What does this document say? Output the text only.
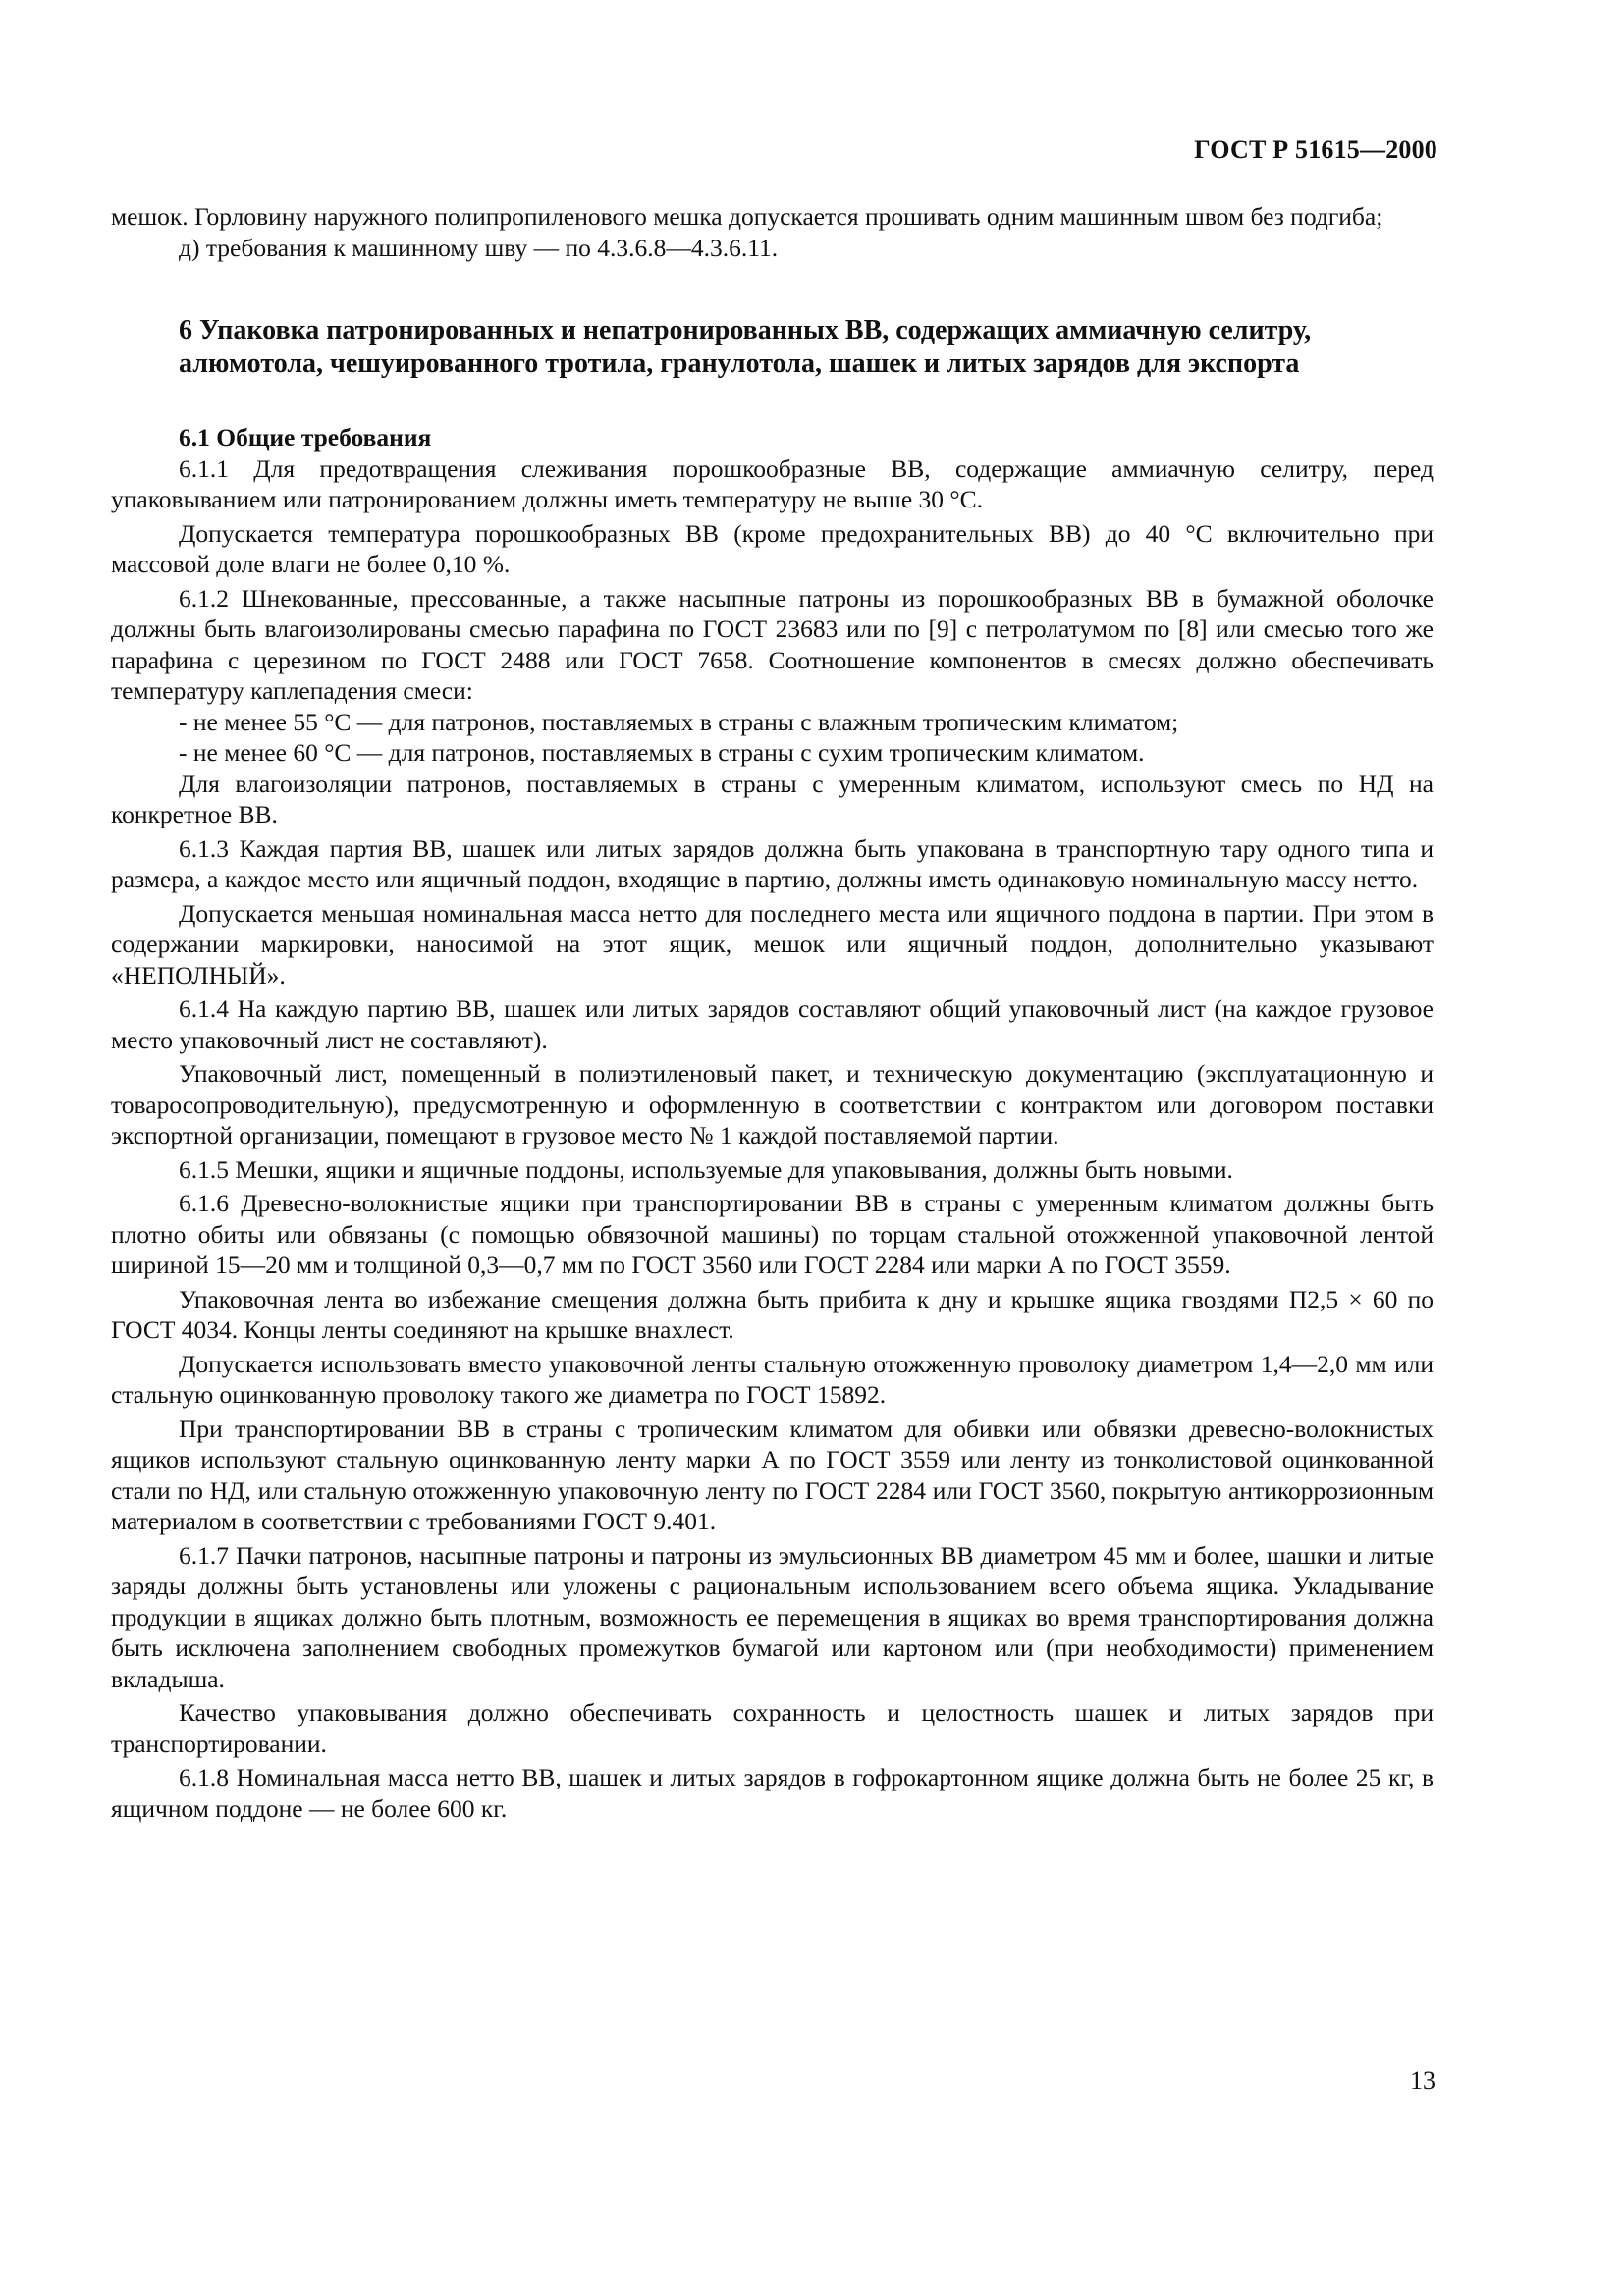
ГОСТ Р 51615—2000

мешок. Горловину наружного полипропиленового мешка допускается прошивать одним машинным швом без подгиба;

д) требования к машинному шву — по 4.3.6.8—4.3.6.11.

6 Упаковка патронированных и непатронированных ВВ, содержащих аммиачную селитру, алюмотола, чешуированного тротила, гранулотола, шашек и литых зарядов для экспорта
6.1 Общие требования

6.1.1 Для предотвращения слеживания порошкообразные ВВ, содержащие аммиачную селитру, перед упаковыванием или патронированием должны иметь температуру не выше 30 °С.

Допускается температура порошкообразных ВВ (кроме предохранительных ВВ) до 40 °С включительно при массовой доле влаги не более 0,10 %.

6.1.2 Шнекованные, прессованные, а также насыпные патроны из порошкообразных ВВ в бумажной оболочке должны быть влагоизолированы смесью парафина по ГОСТ 23683 или по [9] с петролатумом по [8] или смесью того же парафина с церезином по ГОСТ 2488 или ГОСТ 7658. Соотношение компонентов в смесях должно обеспечивать температуру каплепадения смеси:

- не менее 55 °С — для патронов, поставляемых в страны с влажным тропическим климатом;

- не менее 60 °С — для патронов, поставляемых в страны с сухим тропическим климатом.

Для влагоизоляции патронов, поставляемых в страны с умеренным климатом, используют смесь по НД на конкретное ВВ.

6.1.3 Каждая партия ВВ, шашек или литых зарядов должна быть упакована в транспортную тару одного типа и размера, а каждое место или ящичный поддон, входящие в партию, должны иметь одинаковую номинальную массу нетто.

Допускается меньшая номинальная масса нетто для последнего места или ящичного поддона в партии. При этом в содержании маркировки, наносимой на этот ящик, мешок или ящичный поддон, дополнительно указывают «НЕПОЛНЫЙ».

6.1.4 На каждую партию ВВ, шашек или литых зарядов составляют общий упаковочный лист (на каждое грузовое место упаковочный лист не составляют).

Упаковочный лист, помещенный в полиэтиленовый пакет, и техническую документацию (эксплуатационную и товаросопроводительную), предусмотренную и оформленную в соответствии с контрактом или договором поставки экспортной организации, помещают в грузовое место № 1 каждой поставляемой партии.

6.1.5 Мешки, ящики и ящичные поддоны, используемые для упаковывания, должны быть новыми.

6.1.6 Древесно-волокнистые ящики при транспортировании ВВ в страны с умеренным климатом должны быть плотно обиты или обвязаны (с помощью обвязочной машины) по торцам стальной отожженной упаковочной лентой шириной 15—20 мм и толщиной 0,3—0,7 мм по ГОСТ 3560 или ГОСТ 2284 или марки А по ГОСТ 3559.

Упаковочная лента во избежание смещения должна быть прибита к дну и крышке ящика гвоздями П2,5 × 60 по ГОСТ 4034. Концы ленты соединяют на крышке внахлест.

Допускается использовать вместо упаковочной ленты стальную отожженную проволоку диаметром 1,4—2,0 мм или стальную оцинкованную проволоку такого же диаметра по ГОСТ 15892.

При транспортировании ВВ в страны с тропическим климатом для обивки или обвязки древесно-волокнистых ящиков используют стальную оцинкованную ленту марки А по ГОСТ 3559 или ленту из тонколистовой оцинкованной стали по НД, или стальную отожженную упаковочную ленту по ГОСТ 2284 или ГОСТ 3560, покрытую антикоррозионным материалом в соответствии с требованиями ГОСТ 9.401.

6.1.7 Пачки патронов, насыпные патроны и патроны из эмульсионных ВВ диаметром 45 мм и более, шашки и литые заряды должны быть установлены или уложены с рациональным использованием всего объема ящика. Укладывание продукции в ящиках должно быть плотным, возможность ее перемещения в ящиках во время транспортирования должна быть исключена заполнением свободных промежутков бумагой или картоном или (при необходимости) применением вкладыша.

Качество упаковывания должно обеспечивать сохранность и целостность шашек и литых зарядов при транспортировании.

6.1.8 Номинальная масса нетто ВВ, шашек и литых зарядов в гофрокартонном ящике должна быть не более 25 кг, в ящичном поддоне — не более 600 кг.

13
